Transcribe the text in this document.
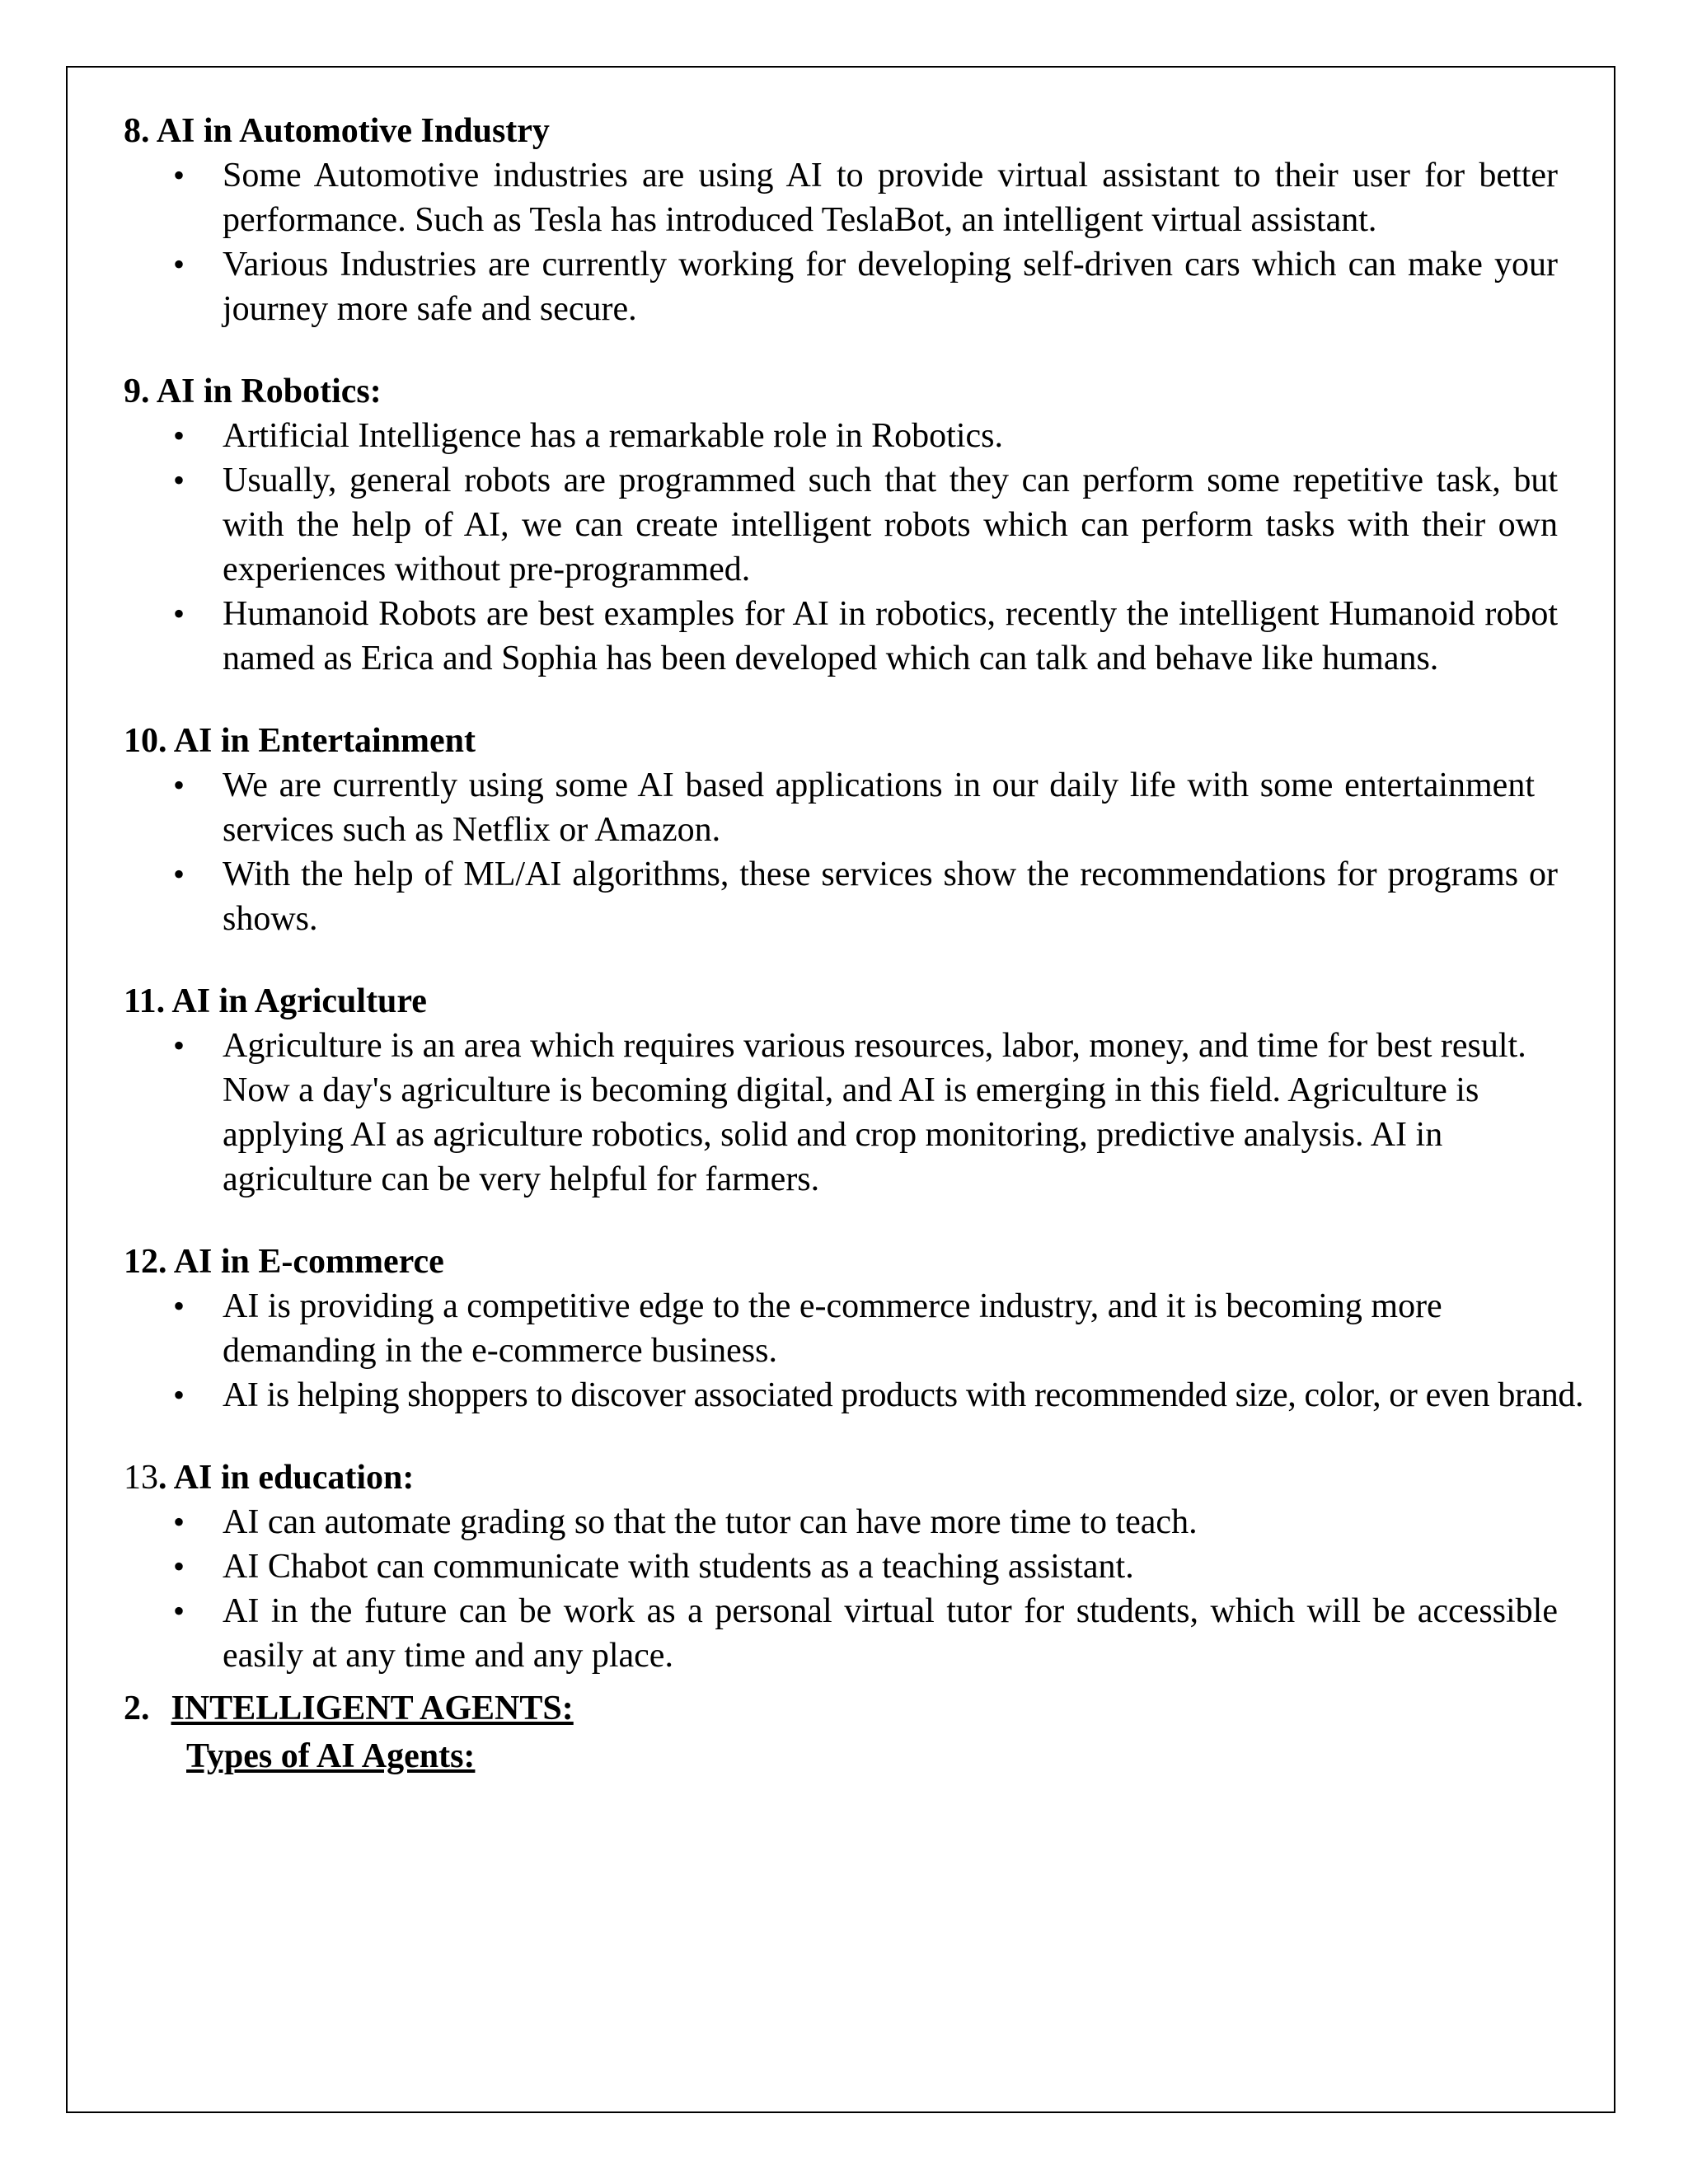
8. AI in Automotive Industry

• Some Automotive industries are using AI to provide virtual assistant to their user for better performance. Such as Tesla has introduced TeslaBot, an intelligent virtual assistant.
• Various Industries are currently working for developing self-driven cars which can make your journey more safe and secure.

9. AI in Robotics:

• Artificial Intelligence has a remarkable role in Robotics.
• Usually, general robots are programmed such that they can perform some repetitive task, but with the help of AI, we can create intelligent robots which can perform tasks with their own experiences without pre-programmed.
• Humanoid Robots are best examples for AI in robotics, recently the intelligent Humanoid robot named as Erica and Sophia has been developed which can talk and behave like humans.

10. AI in Entertainment

• We are currently using some AI based applications in our daily life with some entertainment services such as Netflix or Amazon.
• With the help of ML/AI algorithms, these services show the recommendations for programs or shows.

11. AI in Agriculture

• Agriculture is an area which requires various resources, labor, money, and time for best result. Now a day's agriculture is becoming digital, and AI is emerging in this field. Agriculture is applying AI as agriculture robotics, solid and crop monitoring, predictive analysis. AI in agriculture can be very helpful for farmers.

12. AI in E-commerce

• AI is providing a competitive edge to the e-commerce industry, and it is becoming more demanding in the e-commerce business.
• AI is helping shoppers to discover associated products with recommended size, color, or even brand.

13. AI in education:

• AI can automate grading so that the tutor can have more time to teach.
• AI Chabot can communicate with students as a teaching assistant.
• AI in the future can be work as a personal virtual tutor for students, which will be accessible easily at any time and any place.

2. INTELLIGENT AGENTS:

Types of AI Agents:
